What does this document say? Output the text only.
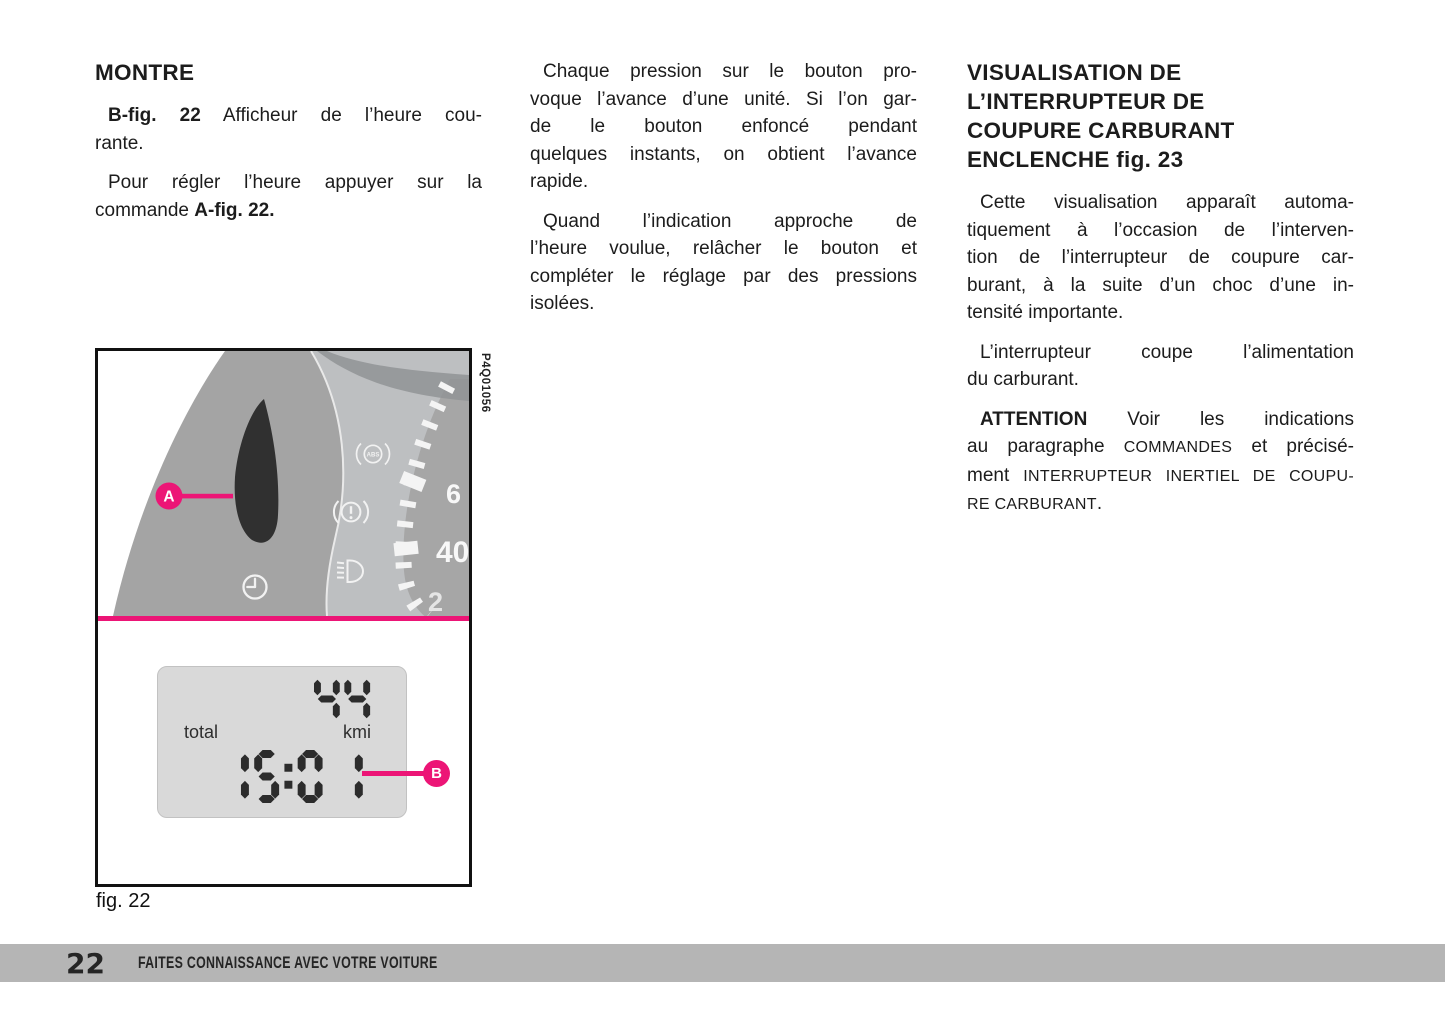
MONTRE
B-fig. 22 Afficheur de l’heure cou-
rante.
Pour régler l’heure appuyer sur la
commande A-fig. 22.
Chaque pression sur le bouton pro-
voque l’avance d’une unité. Si l’on gar-
de le bouton enfoncé pendant
quelques instants, on obtient l’avance
rapide.
Quand l’indication approche de
l’heure voulue, relâcher le bouton et
compléter le réglage par des pressions
isolées.
VISUALISATION DE
L’INTERRUPTEUR DE
COUPURE CARBURANT
ENCLENCHE fig. 23
Cette visualisation apparaît automa-
tiquement à l’occasion de l’interven-
tion de l’interrupteur de coupure car-
burant, à la suite d’un choc d’une in-
tensité importante.
L’interrupteur coupe l’alimentation
du carburant.
ATTENTION Voir les indications
au paragraphe COMMANDES et précisé-
ment INTERRUPTEUR INERTIEL DE COUPU-
RE CARBURANT.
6
40
2
ABS
A
total	kmi
B
P4Q01056
fig. 22
22 FAITES CONNAISSANCE AVEC VOTRE VOITURE
